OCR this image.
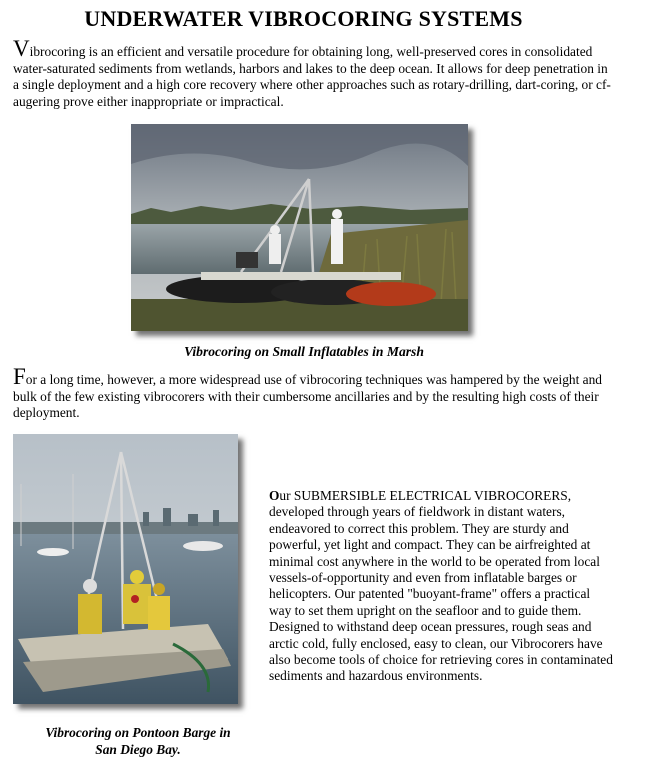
UNDERWATER VIBROCORING SYSTEMS

Vibrocoring is an efficient and versatile procedure for obtaining long, well-preserved cores in consolidated water-saturated sediments from wetlands, harbors and lakes to the deep ocean. It allows for deep penetration in a single deployment and a high core recovery where other approaches such as rotary-drilling, dart-coring, or cf-augering prove either inappropriate or impractical.

Vibrocoring on Small Inflatables in Marsh

For a long time, however, a more widespread use of vibrocoring techniques was hampered by the weight and bulk of the few existing vibrocorers with their cumbersome ancillaries and by the resulting high costs of their deployment.

Vibrocoring on Pontoon Barge in
San Diego Bay.
Our SUBMERSIBLE ELECTRICAL VIBROCORERS, developed through years of fieldwork in distant waters, endeavored to correct this problem. They are sturdy and powerful, yet light and compact. They can be airfreighted at minimal cost anywhere in the world to be operated from local vessels-of-opportunity and even from inflatable barges or helicopters. Our patented "buoyant-frame" offers a practical way to set them upright on the seafloor and to guide them. Designed to withstand deep ocean pressures, rough seas and arctic cold, fully enclosed, easy to clean, our Vibrocorers have also become tools of choice for retrieving cores in contaminated sediments and hazardous environments.
